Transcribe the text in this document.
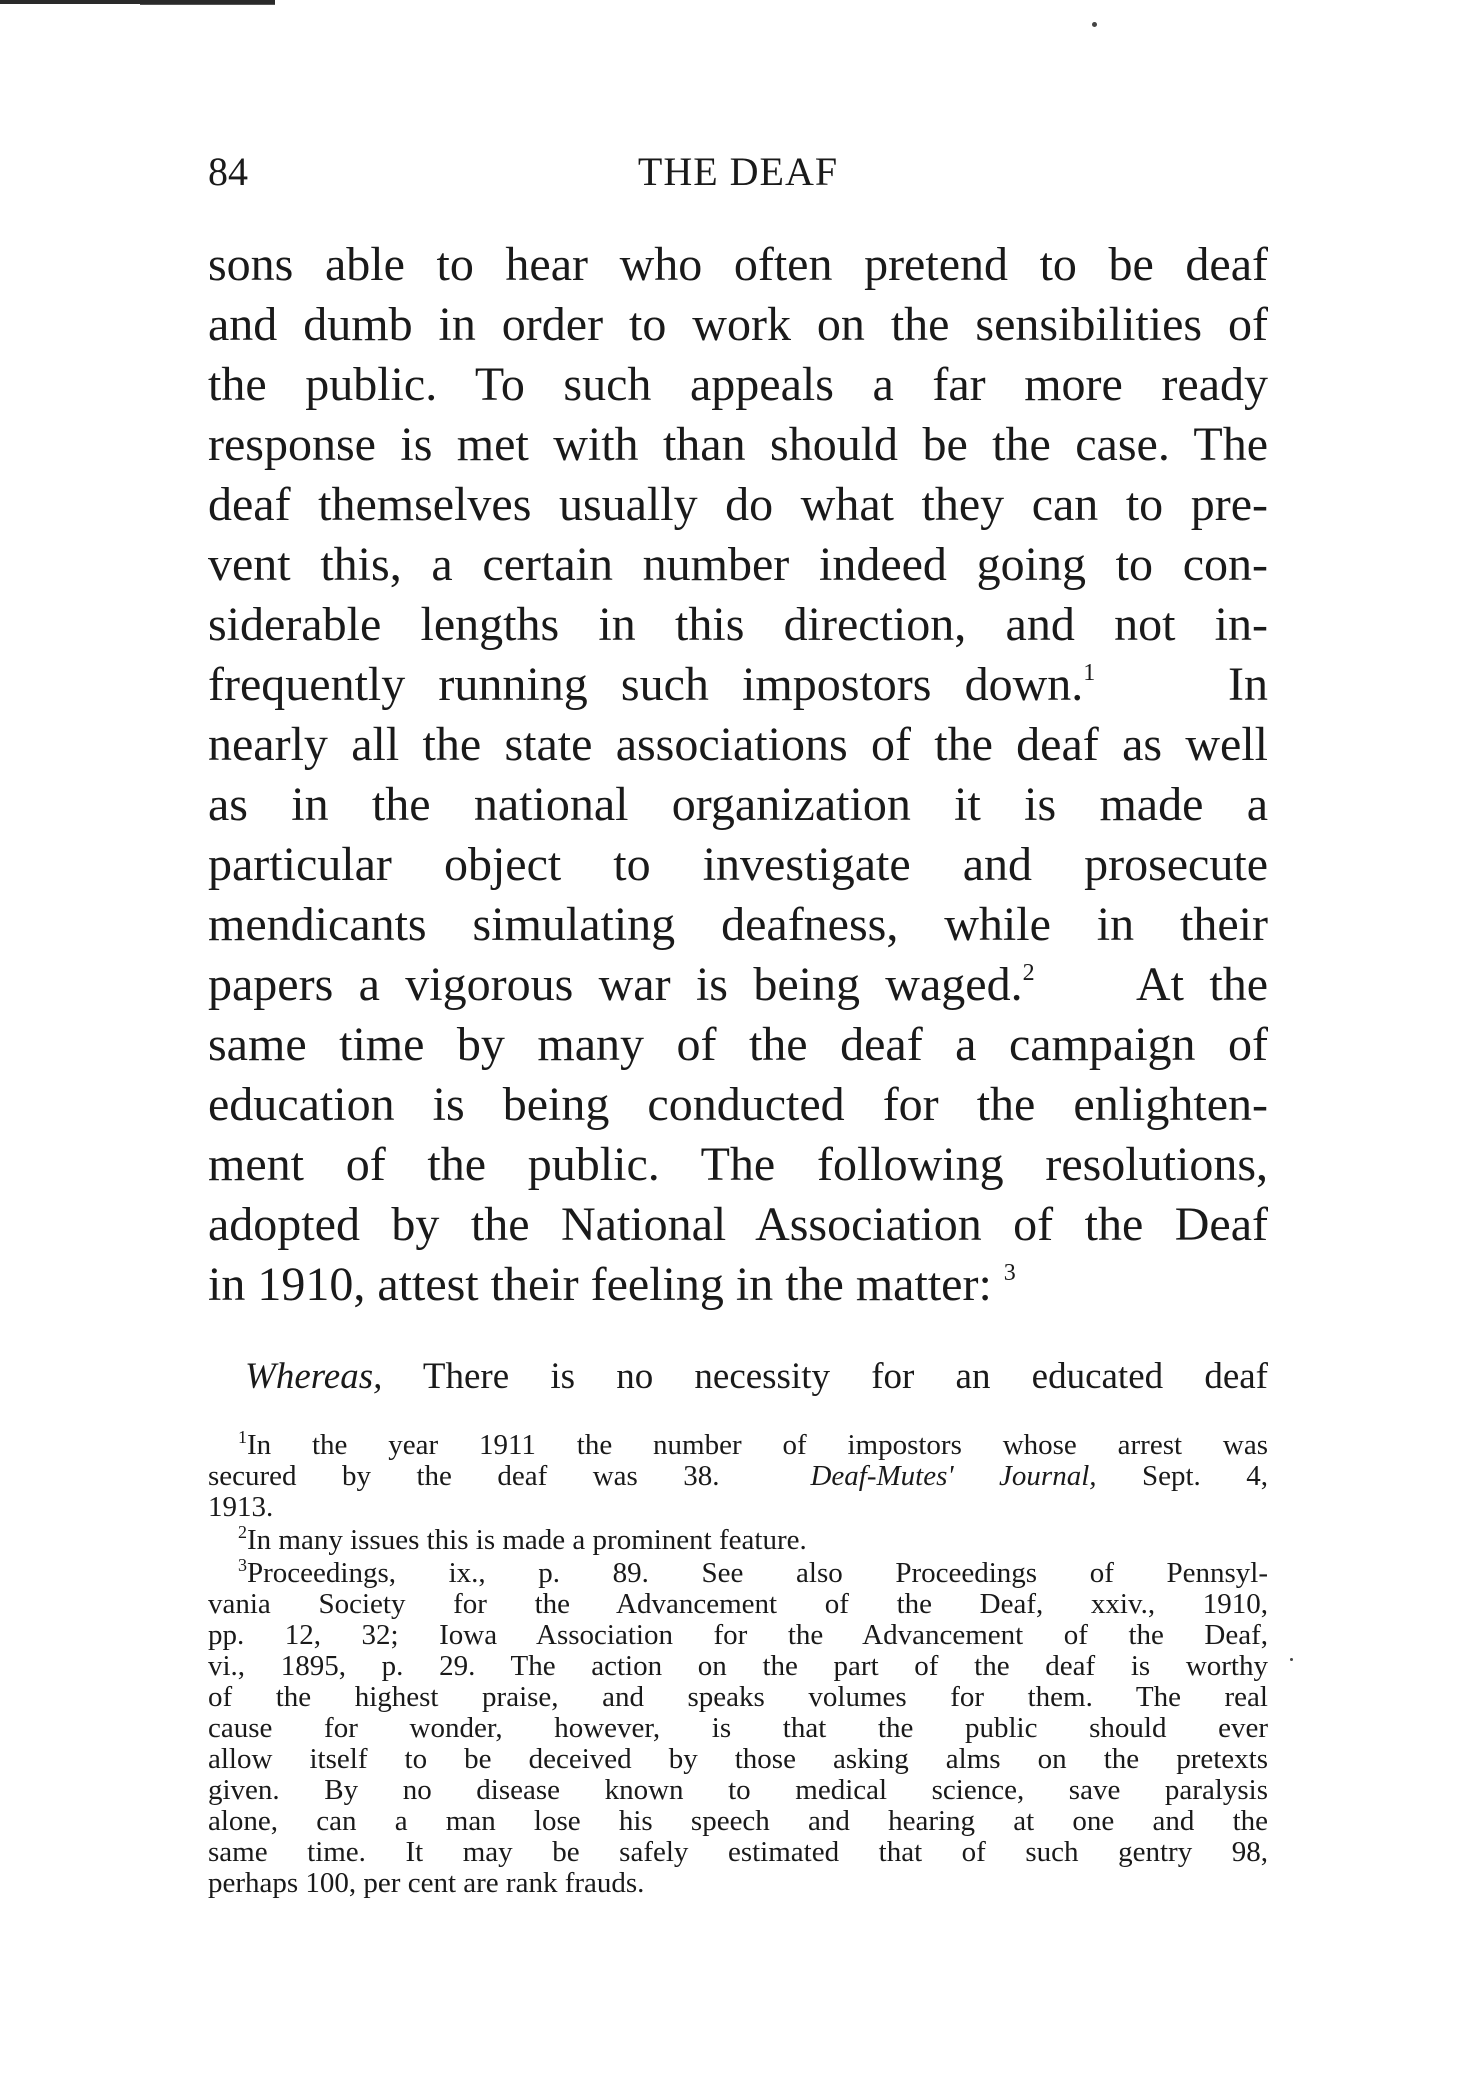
84	THE DEAF
sons able to hear who often pretend to be deaf
and dumb in order to work on the sensibilities of
the public. To such appeals a far more ready
response is met with than should be the case. The
deaf themselves usually do what they can to pre-
vent this, a certain number indeed going to con-
siderable lengths in this direction, and not in-
frequently running such impostors down.$^1$	In
nearly all the state associations of the deaf as well
as in the national organization it is made a
particular object to investigate and prosecute
mendicants simulating deafness, while in their
papers a vigorous war is being waged.$^2$ At the
same time by many of the deaf a campaign of
education is being conducted for the enlighten-
ment of the public. The following resolutions,
adopted by the National Association of the Deaf
in 1910, attest their feeling in the matter: $^3$
Whereas, There is no necessity for an educated deaf
$^1$In the year 1911 the number of impostors whose arrest was
secured by the deaf was 38.	Deaf-Mutes' Journal, Sept. 4,
1913.
$^2$In many issues this is made a prominent feature.
$^3$Proceedings, ix., p. 89. See also Proceedings of Pennsyl-
vania Society for the Advancement of the Deaf, xxiv., 1910,
pp. 12, 32; Iowa Association for the Advancement of the Deaf,
vi., 1895, p. 29. The action on the part of the deaf is worthy
of the highest praise, and speaks volumes for them. The real
cause for wonder, however, is that the public should ever
allow itself to be deceived by those asking alms on the pretexts
given. By no disease known to medical science, save paralysis
alone, can a man lose his speech and hearing at one and the
same time. It may be safely estimated that of such gentry 98,
perhaps 100, per cent are rank frauds.
